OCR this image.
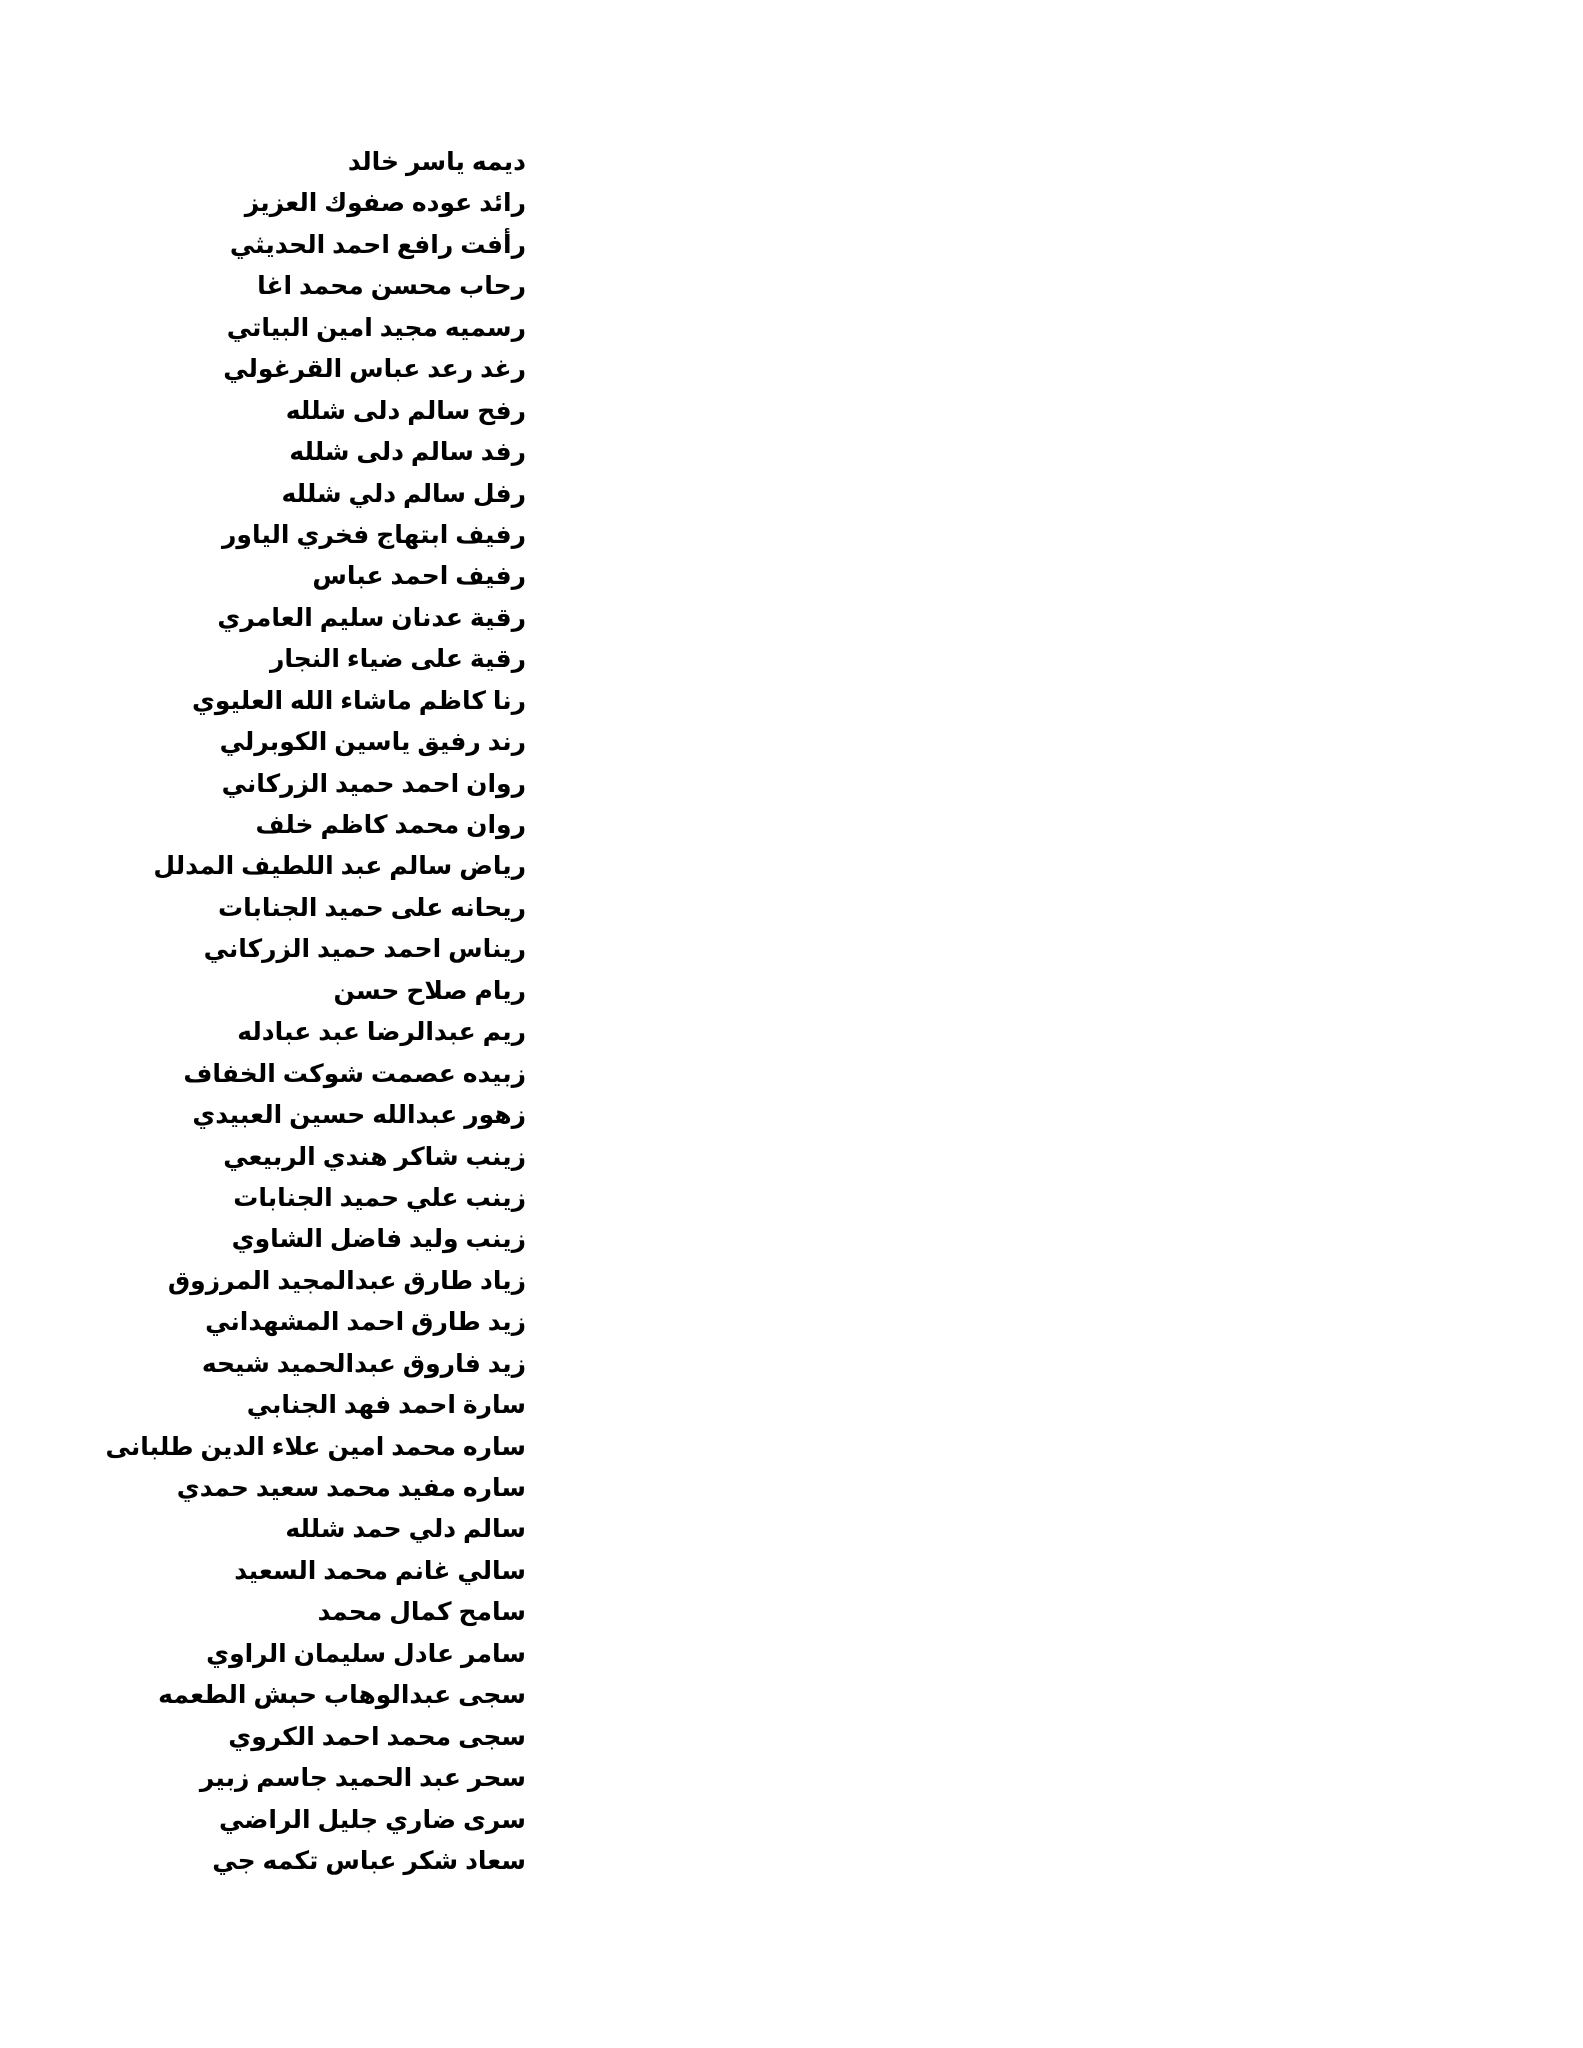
ديمه ياسر خالد
رائد عوده صفوك العزيز
رأفت رافع احمد الحديثي
رحاب محسن محمد اغا
رسميه مجيد امين البياتي
رغد رعد عباس القرغولي
رفح سالم دلى شلله
رفد سالم دلى شلله
رفل سالم دلي شلله
رفيف ابتهاج فخري الياور
رفيف احمد عباس
رقية عدنان سليم العامري
رقية على ضياء النجار
رنا كاظم ماشاء الله العليوي
رند رفيق ياسين الكوبرلي
روان احمد حميد الزركاني
روان محمد كاظم خلف
رياض سالم عبد اللطيف المدلل
ريحانه على حميد الجنابات
ريناس احمد حميد الزركاني
ريام صلاح حسن
ريم عبدالرضا عبد عبادله
زبيده عصمت شوكت الخفاف
زهور عبدالله حسين العبيدي
زينب شاكر هندي الربيعي
زينب علي حميد الجنابات
زينب وليد فاضل الشاوي
زياد طارق عبدالمجيد المرزوق
زيد طارق احمد المشهداني
زيد فاروق عبدالحميد شيحه
سارة احمد فهد الجنابي
ساره محمد امين علاء الدين طلبانى
ساره مفيد محمد سعيد حمدي
سالم دلي حمد شلله
سالي غانم محمد السعيد
سامح كمال محمد
سامر عادل سليمان الراوي
سجى عبدالوهاب حبش الطعمه
سجى محمد احمد الكروي
سحر عبد الحميد جاسم زبير
سرى ضاري جليل الراضي
سعاد شكر عباس تكمه جي
